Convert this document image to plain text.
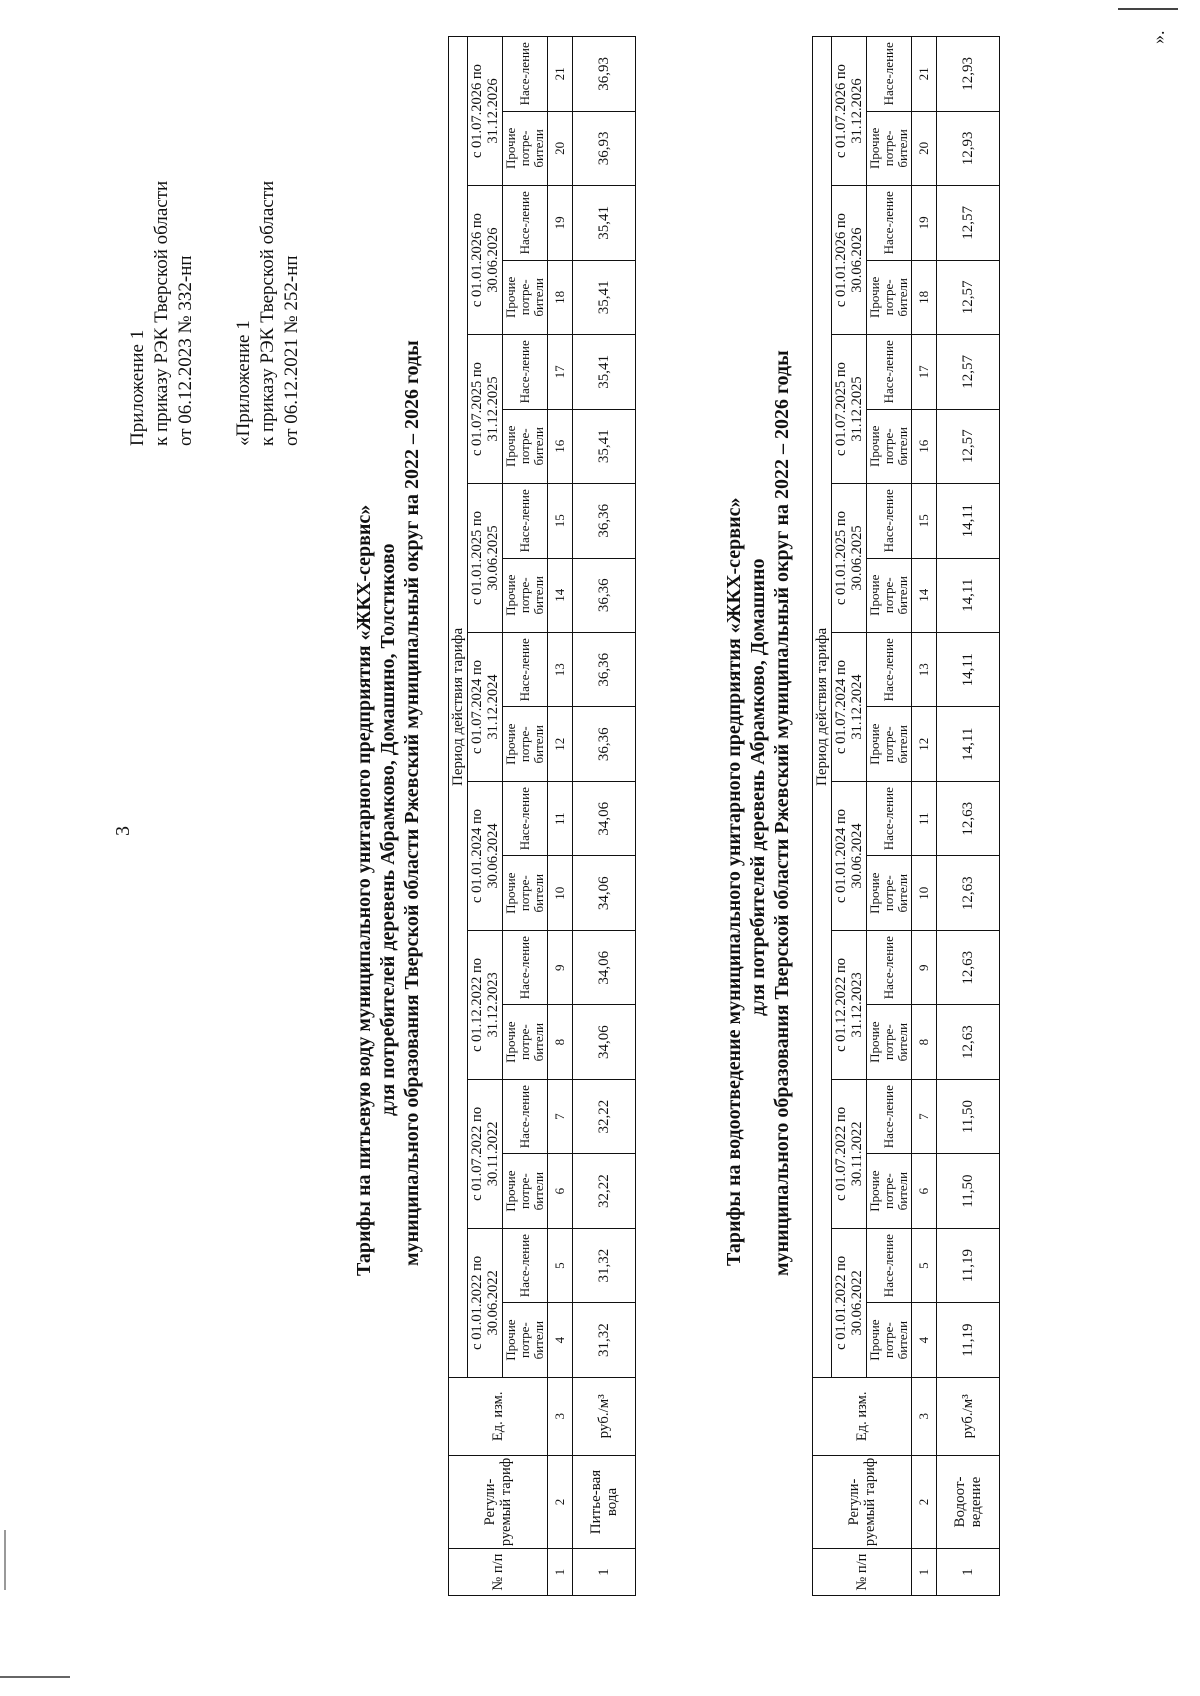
3
Приложение 1 к приказу РЭК Тверской области от 06.12.2023 № 332-нп «Приложение 1 к приказу РЭК Тверской области от 06.12.2021 № 252-нп
Тарифы на питьевую воду муниципального унитарного предприятия «ЖКХ-сервис» для потребителей деревень Абрамково, Домашино, Толстиково муниципального образования Тверской области Ржевский муниципальный округ на 2022 – 2026 годы
№ п/п	Регули-руемый тариф	Ед. изм.	Период действия тарифа																	
			с 01.01.2022 по 30.06.2022		с 01.07.2022 по 30.11.2022		с 01.12.2022 по 31.12.2023		с 01.01.2024 по 30.06.2024		с 01.07.2024 по 31.12.2024		с 01.01.2025 по 30.06.2025		с 01.07.2025 по 31.12.2025		с 01.01.2026 по 30.06.2026		с 01.07.2026 по 31.12.2026	
			Прочие потре-бители	Насе-ление	Прочие потре-бители	Насе-ление	Прочие потре-бители	Насе-ление	Прочие потре-бители	Насе-ление	Прочие потре-бители	Насе-ление	Прочие потре-бители	Насе-ление	Прочие потре-бители	Насе-ление	Прочие потре-бители	Насе-ление	Прочие потре-бители	Насе-ление
1	2	3	4	5	6	7	8	9	10	11	12	13	14	15	16	17	18	19	20	21
1	Питье-вая вода	руб./м³	31,32	31,32	32,22	32,22	34,06	34,06	34,06	34,06	36,36	36,36	36,36	36,36	35,41	35,41	35,41	35,41	36,93	36,93
Тарифы на водоотведение муниципального унитарного предприятия «ЖКХ-сервис» для потребителей деревень Абрамково, Домашино муниципального образования Тверской области Ржевский муниципальный округ на 2022 – 2026 годы
№ п/п	Регули-руемый тариф	Ед. изм.	Период действия тарифа																	
			с 01.01.2022 по 30.06.2022		с 01.07.2022 по 30.11.2022		с 01.12.2022 по 31.12.2023		с 01.01.2024 по 30.06.2024		с 01.07.2024 по 31.12.2024		с 01.01.2025 по 30.06.2025		с 01.07.2025 по 31.12.2025		с 01.01.2026 по 30.06.2026		с 01.07.2026 по 31.12.2026	
			Прочие потре-бители	Насе-ление	Прочие потре-бители	Насе-ление	Прочие потре-бители	Насе-ление	Прочие потре-бители	Насе-ление	Прочие потре-бители	Насе-ление	Прочие потре-бители	Насе-ление	Прочие потре-бители	Насе-ление	Прочие потре-бители	Насе-ление	Прочие потре-бители	Насе-ление
1	2	3	4	5	6	7	8	9	10	11	12	13	14	15	16	17	18	19	20	21
1	Водоот-ведение	руб./м³	11,19	11,19	11,50	11,50	12,63	12,63	12,63	12,63	14,11	14,11	14,11	14,11	12,57	12,57	12,57	12,57	12,93	12,93
».
